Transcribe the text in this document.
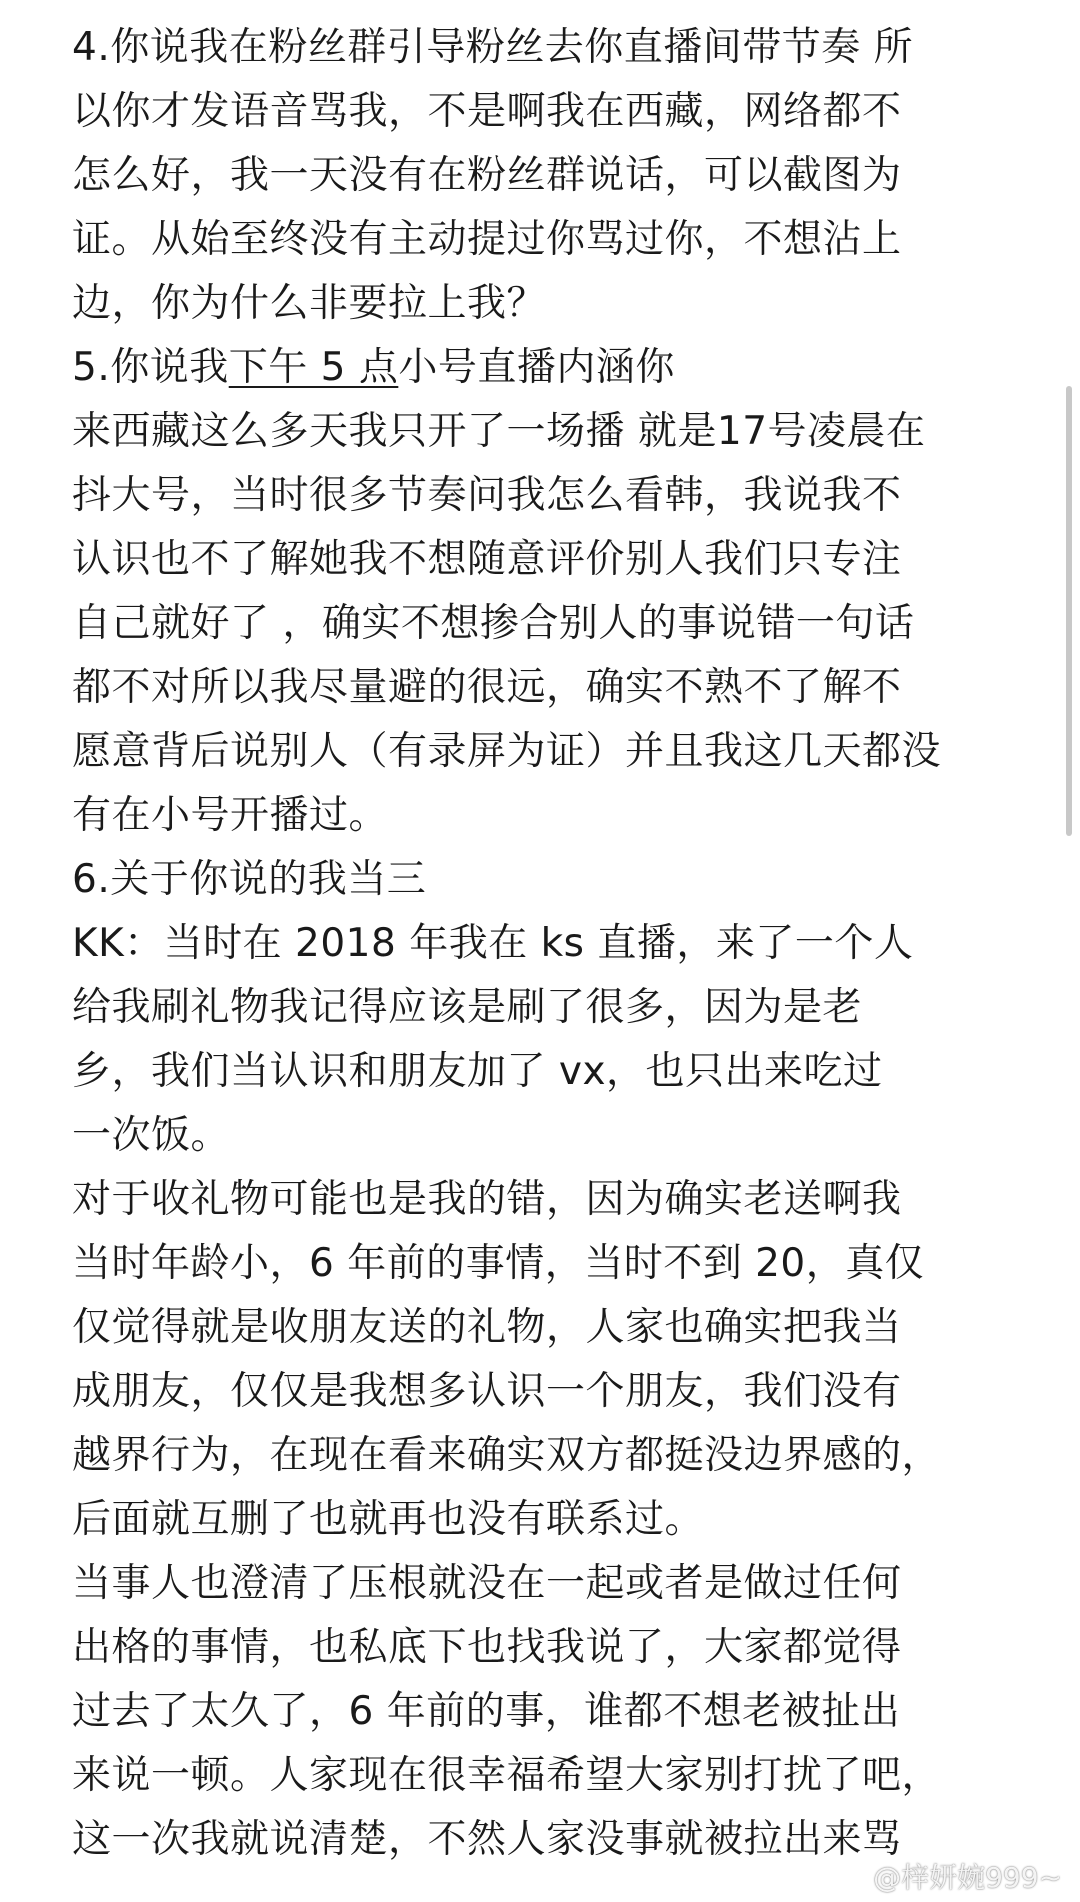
4.你说我在粉丝群引导粉丝去你直播间带节奏 所
以你才发语音骂我，不是啊我在西藏，网络都不
怎么好，我一天没有在粉丝群说话，可以截图为
证。从始至终没有主动提过你骂过你，不想沾上
边，你为什么非要拉上我？
5.你说我下午 5 点小号直播内涵你
来西藏这么多天我只开了一场播 就是17号凌晨在
抖大号，当时很多节奏问我怎么看韩，我说我不
认识也不了解她我不想随意评价别人我们只专注
自己就好了 ，确实不想掺合别人的事说错一句话
都不对所以我尽量避的很远，确实不熟不了解不
愿意背后说别人（有录屏为证）并且我这几天都没
有在小号开播过。
6.关于你说的我当三
KK：当时在 2018 年我在 ks 直播，来了一个人
给我刷礼物我记得应该是刷了很多，因为是老
乡，我们当认识和朋友加了 vx，也只出来吃过
一次饭。
对于收礼物可能也是我的错，因为确实老送啊我
当时年龄小，6 年前的事情，当时不到 20，真仅
仅觉得就是收朋友送的礼物，人家也确实把我当
成朋友，仅仅是我想多认识一个朋友，我们没有
越界行为，在现在看来确实双方都挺没边界感的，
后面就互删了也就再也没有联系过。
当事人也澄清了压根就没在一起或者是做过任何
出格的事情，也私底下也找我说了，大家都觉得
过去了太久了，6 年前的事，谁都不想老被扯出
来说一顿。人家现在很幸福希望大家别打扰了吧，
这一次我就说清楚，不然人家没事就被拉出来骂
@梓妍婉999~
